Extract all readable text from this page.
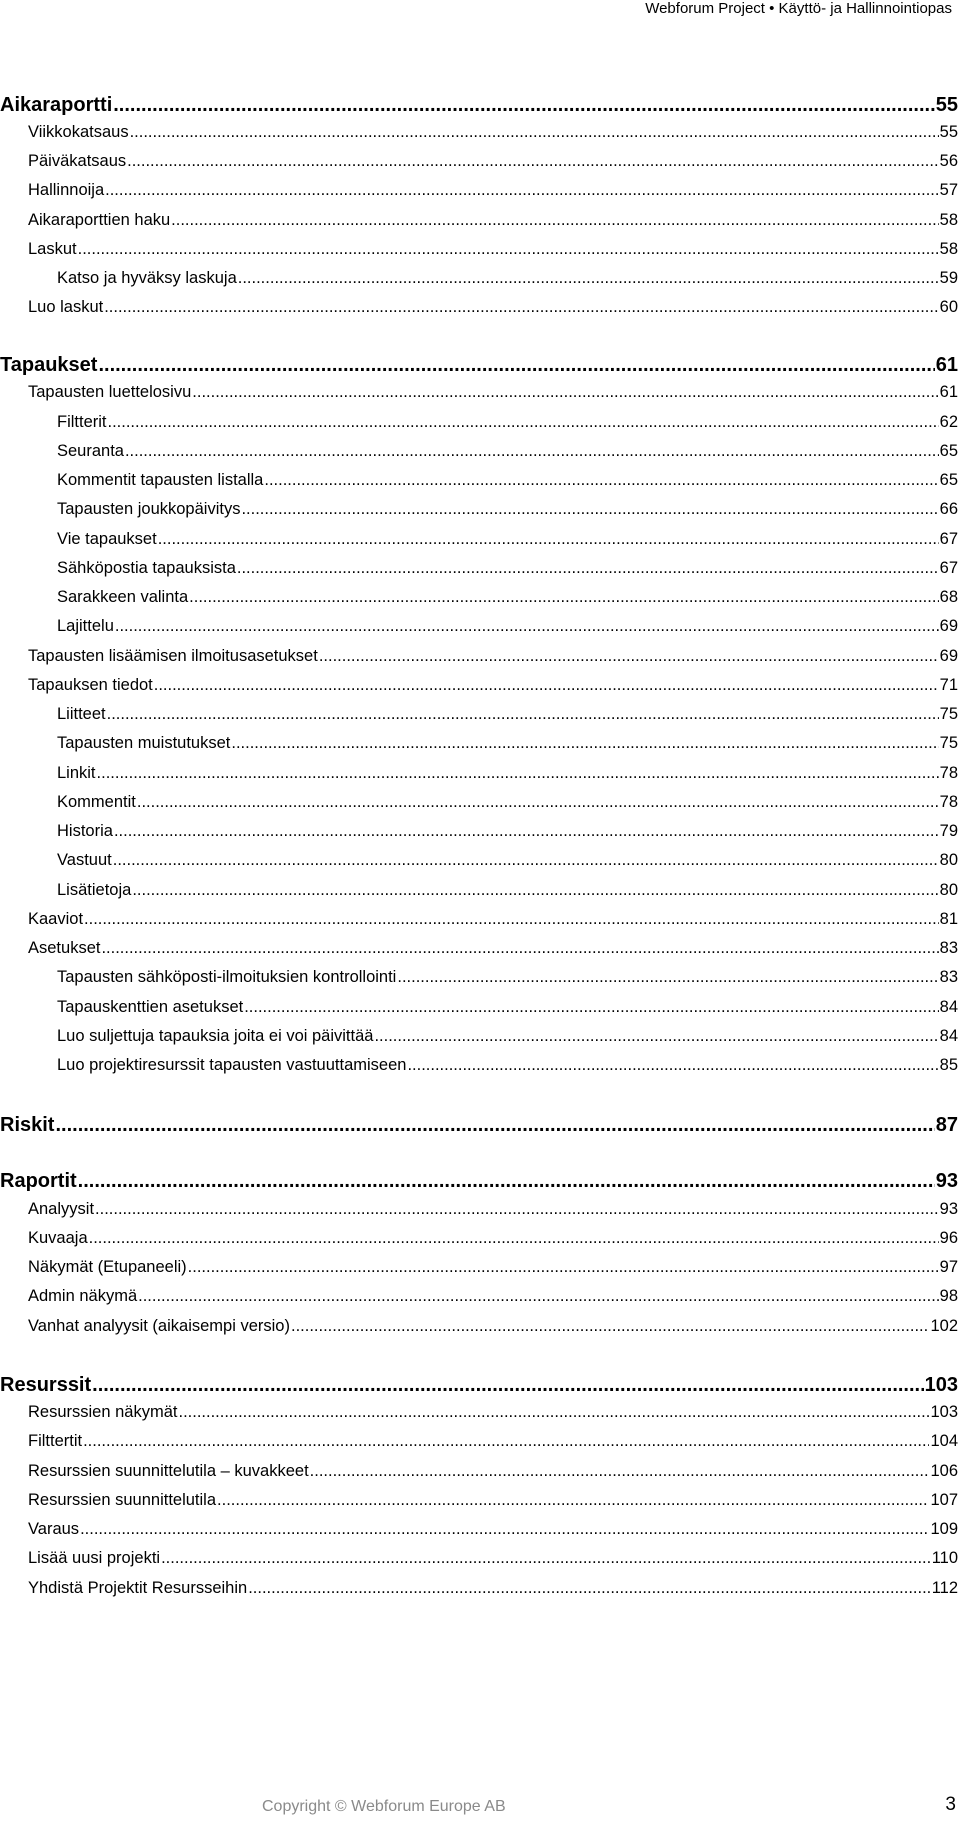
Webforum Project • Käyttö- ja Hallinnointiopas
Aikaraportti .....	55
Viikkokatsaus .....	55
Päiväkatsaus .....	56
Hallinnoija .....	57
Aikaraporttien haku .....	58
Laskut .....	58
Katso ja hyväksy laskuja .....	59
Luo laskut .....	60
Tapaukset .....	61
Tapausten luettelosivu .....	61
Filtterit .....	62
Seuranta .....	65
Kommentit tapausten listalla .....	65
Tapausten joukkopäivitys .....	66
Vie tapaukset .....	67
Sähköpostia tapauksista .....	67
Sarakkeen valinta .....	68
Lajittelu .....	69
Tapausten lisäämisen ilmoitusasetukset .....	69
Tapauksen tiedot .....	71
Liitteet .....	75
Tapausten muistutukset .....	75
Linkit .....	78
Kommentit .....	78
Historia .....	79
Vastuut .....	80
Lisätietoja .....	80
Kaaviot .....	81
Asetukset .....	83
Tapausten sähköposti-ilmoituksien kontrollointi .....	83
Tapauskenttien asetukset .....	84
Luo suljettuja tapauksia joita ei voi päivittää .....	84
Luo projektiresurssit tapausten vastuuttamiseen .....	85
Riskit .....	87
Raportit .....	93
Analyysit .....	93
Kuvaaja .....	96
Näkymät (Etupaneeli) .....	97
Admin näkymä .....	98
Vanhat analyysit (aikaisempi versio) .....	102
Resurssit .....	103
Resurssien näkymät .....	103
Filttertit .....	104
Resurssien suunnittelutila – kuvakkeet .....	106
Resurssien suunnittelutila .....	107
Varaus .....	109
Lisää uusi projekti .....	110
Yhdistä Projektit Resursseihin .....	112
Copyright © Webforum Europe AB	3
